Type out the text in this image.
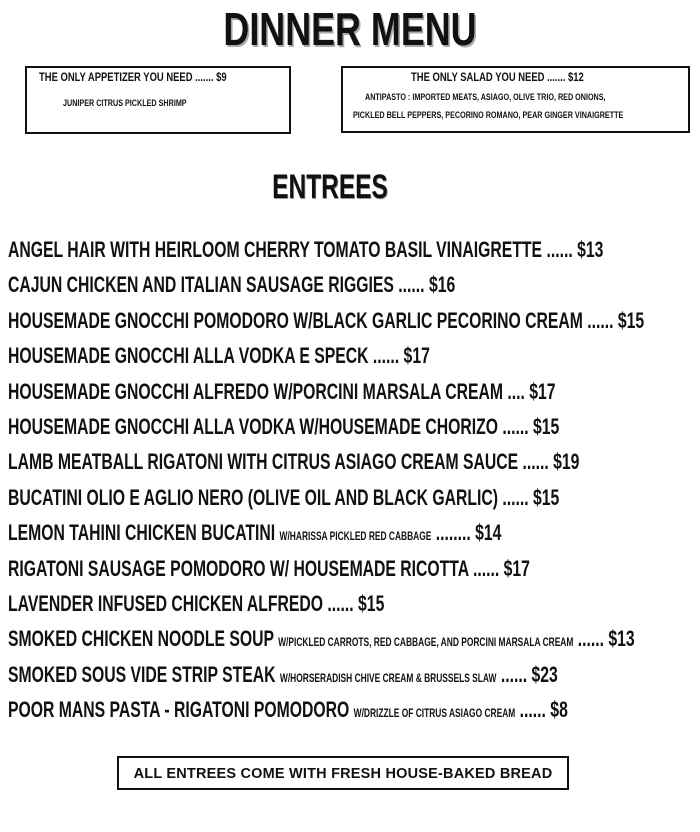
DINNER MENU
THE ONLY APPETIZER YOU NEED ....... $9
JUNIPER CITRUS PICKLED SHRIMP
THE ONLY SALAD YOU NEED ....... $12
ANTIPASTO : IMPORTED MEATS, ASIAGO, OLIVE TRIO, RED ONIONS,
PICKLED BELL PEPPERS, PECORINO ROMANO, PEAR GINGER VINAIGRETTE
ENTREES
ANGEL HAIR WITH HEIRLOOM CHERRY TOMATO BASIL VINAIGRETTE ...... $13
CAJUN CHICKEN AND ITALIAN SAUSAGE RIGGIES ...... $16
HOUSEMADE GNOCCHI POMODORO W/BLACK GARLIC PECORINO CREAM ...... $15
HOUSEMADE GNOCCHI ALLA VODKA E SPECK ...... $17
HOUSEMADE GNOCCHI ALFREDO W/PORCINI MARSALA CREAM .... $17
HOUSEMADE GNOCCHI ALLA VODKA W/HOUSEMADE CHORIZO ...... $15
LAMB MEATBALL RIGATONI WITH CITRUS ASIAGO CREAM SAUCE ...... $19
BUCATINI OLIO E AGLIO NERO (OLIVE OIL AND BLACK GARLIC) ...... $15
LEMON TAHINI CHICKEN BUCATINI W/HARISSA PICKLED RED CABBAGE ........ $14
RIGATONI SAUSAGE POMODORO W/ HOUSEMADE RICOTTA ...... $17
LAVENDER INFUSED CHICKEN ALFREDO ...... $15
SMOKED CHICKEN NOODLE SOUP W/PICKLED CARROTS, RED CABBAGE, AND PORCINI MARSALA CREAM ...... $13
SMOKED SOUS VIDE STRIP STEAK W/HORSERADISH CHIVE CREAM & BRUSSELS SLAW ...... $23
POOR MANS PASTA - RIGATONI POMODORO W/DRIZZLE OF CITRUS ASIAGO CREAM ...... $8
ALL ENTREES COME WITH FRESH HOUSE-BAKED BREAD
